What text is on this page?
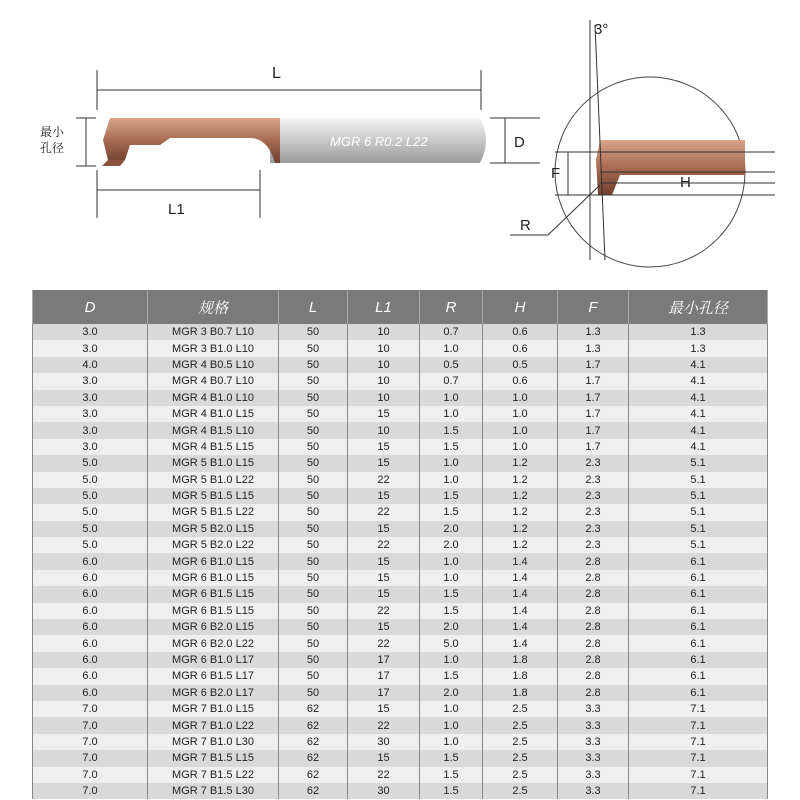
L
MGR 6 R0.2 L22	D
最小孔径
L1
3°
F
H
R
D	规格	L	L1	R	H	F	最小孔径
3.0	MGR 3 B0.7 L10	50	10	0.7	0.6	1.3	1.3
3.0	MGR 3 B1.0 L10	50	10	1.0	0.6	1.3	1.3
4.0	MGR 4 B0.5 L10	50	10	0.5	0.5	1.7	4.1
3.0	MGR 4 B0.7 L10	50	10	0.7	0.6	1.7	4.1
3.0	MGR 4 B1.0 L10	50	10	1.0	1.0	1.7	4.1
3.0	MGR 4 B1.0 L15	50	15	1.0	1.0	1.7	4.1
3.0	MGR 4 B1.5 L10	50	10	1.5	1.0	1.7	4.1
3.0	MGR 4 B1.5 L15	50	15	1.5	1.0	1.7	4.1
5.0	MGR 5 B1.0 L15	50	15	1.0	1.2	2.3	5.1
5.0	MGR 5 B1.0 L22	50	22	1.0	1.2	2.3	5.1
5.0	MGR 5 B1.5 L15	50	15	1.5	1.2	2.3	5.1
5.0	MGR 5 B1.5 L22	50	22	1.5	1.2	2.3	5.1
5.0	MGR 5 B2.0 L15	50	15	2.0	1.2	2.3	5.1
5.0	MGR 5 B2.0 L22	50	22	2.0	1.2	2.3	5.1
6.0	MGR 6 B1.0 L15	50	15	1.0	1.4	2.8	6.1
6.0	MGR 6 B1.0 L15	50	15	1.0	1.4	2.8	6.1
6.0	MGR 6 B1.5 L15	50	15	1.5	1.4	2.8	6.1
6.0	MGR 6 B1.5 L15	50	22	1.5	1.4	2.8	6.1
6.0	MGR 6 B2.0 L15	50	15	2.0	1.4	2.8	6.1
6.0	MGR 6 B2.0 L22	50	22	5.0	1.4	2.8	6.1
6.0	MGR 6 B1.0 L17	50	17	1.0	1.8	2.8	6.1
6.0	MGR 6 B1.5 L17	50	17	1.5	1.8	2.8	6.1
6.0	MGR 6 B2.0 L17	50	17	2.0	1.8	2.8	6.1
7.0	MGR 7 B1.0 L15	62	15	1.0	2.5	3.3	7.1
7.0	MGR 7 B1.0 L22	62	22	1.0	2.5	3.3	7.1
7.0	MGR 7 B1.0 L30	62	30	1.0	2.5	3.3	7.1
7.0	MGR 7 B1.5 L15	62	15	1.5	2.5	3.3	7.1
7.0	MGR 7 B1.5 L22	62	22	1.5	2.5	3.3	7.1
7.0	MGR 7 B1.5 L30	62	30	1.5	2.5	3.3	7.1
